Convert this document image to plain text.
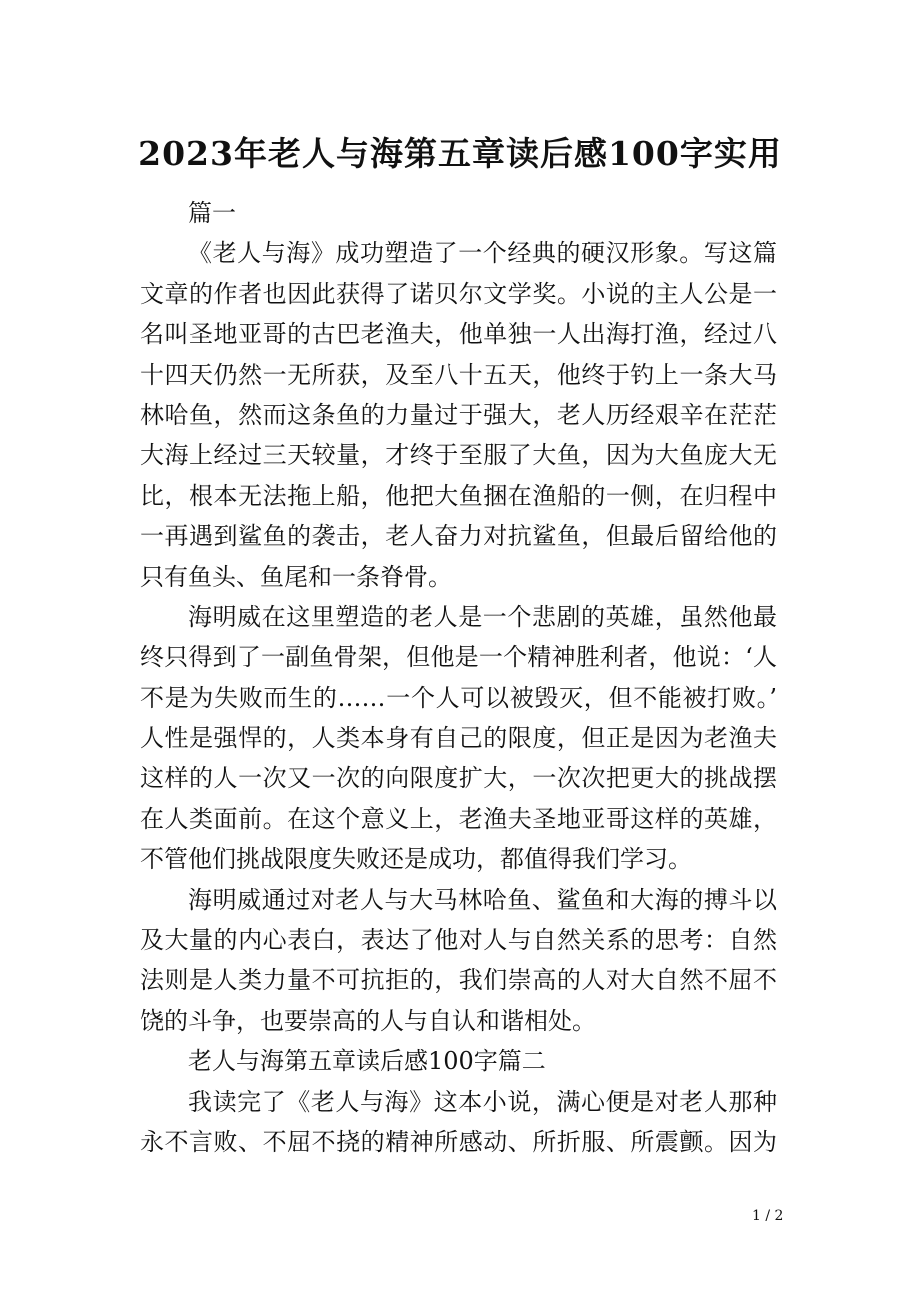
2023年老人与海第五章读后感100字实用
篇一
《老人与海》成功塑造了一个经典的硬汉形象。写这篇
文章的作者也因此获得了诺贝尔文学奖。小说的主人公是一
名叫圣地亚哥的古巴老渔夫，他单独一人出海打渔，经过八
十四天仍然一无所获，及至八十五天，他终于钓上一条大马
林哈鱼，然而这条鱼的力量过于强大，老人历经艰辛在茫茫
大海上经过三天较量，才终于至服了大鱼，因为大鱼庞大无
比，根本无法拖上船，他把大鱼捆在渔船的一侧，在归程中
一再遇到鲨鱼的袭击，老人奋力对抗鲨鱼，但最后留给他的
只有鱼头、鱼尾和一条脊骨。
海明威在这里塑造的老人是一个悲剧的英雄，虽然他最
终只得到了一副鱼骨架，但他是一个精神胜利者，他说：‘人
不是为失败而生的……一个人可以被毁灭，但不能被打败。’
人性是强悍的，人类本身有自己的限度，但正是因为老渔夫
这样的人一次又一次的向限度扩大，一次次把更大的挑战摆
在人类面前。在这个意义上，老渔夫圣地亚哥这样的英雄，
不管他们挑战限度失败还是成功，都值得我们学习。
海明威通过对老人与大马林哈鱼、鲨鱼和大海的搏斗以
及大量的内心表白，表达了他对人与自然关系的思考：自然
法则是人类力量不可抗拒的，我们崇高的人对大自然不屈不
饶的斗争，也要崇高的人与自认和谐相处。
老人与海第五章读后感100字篇二
我读完了《老人与海》这本小说，满心便是对老人那种
永不言败、不屈不挠的精神所感动、所折服、所震颤。因为
1 / 2
